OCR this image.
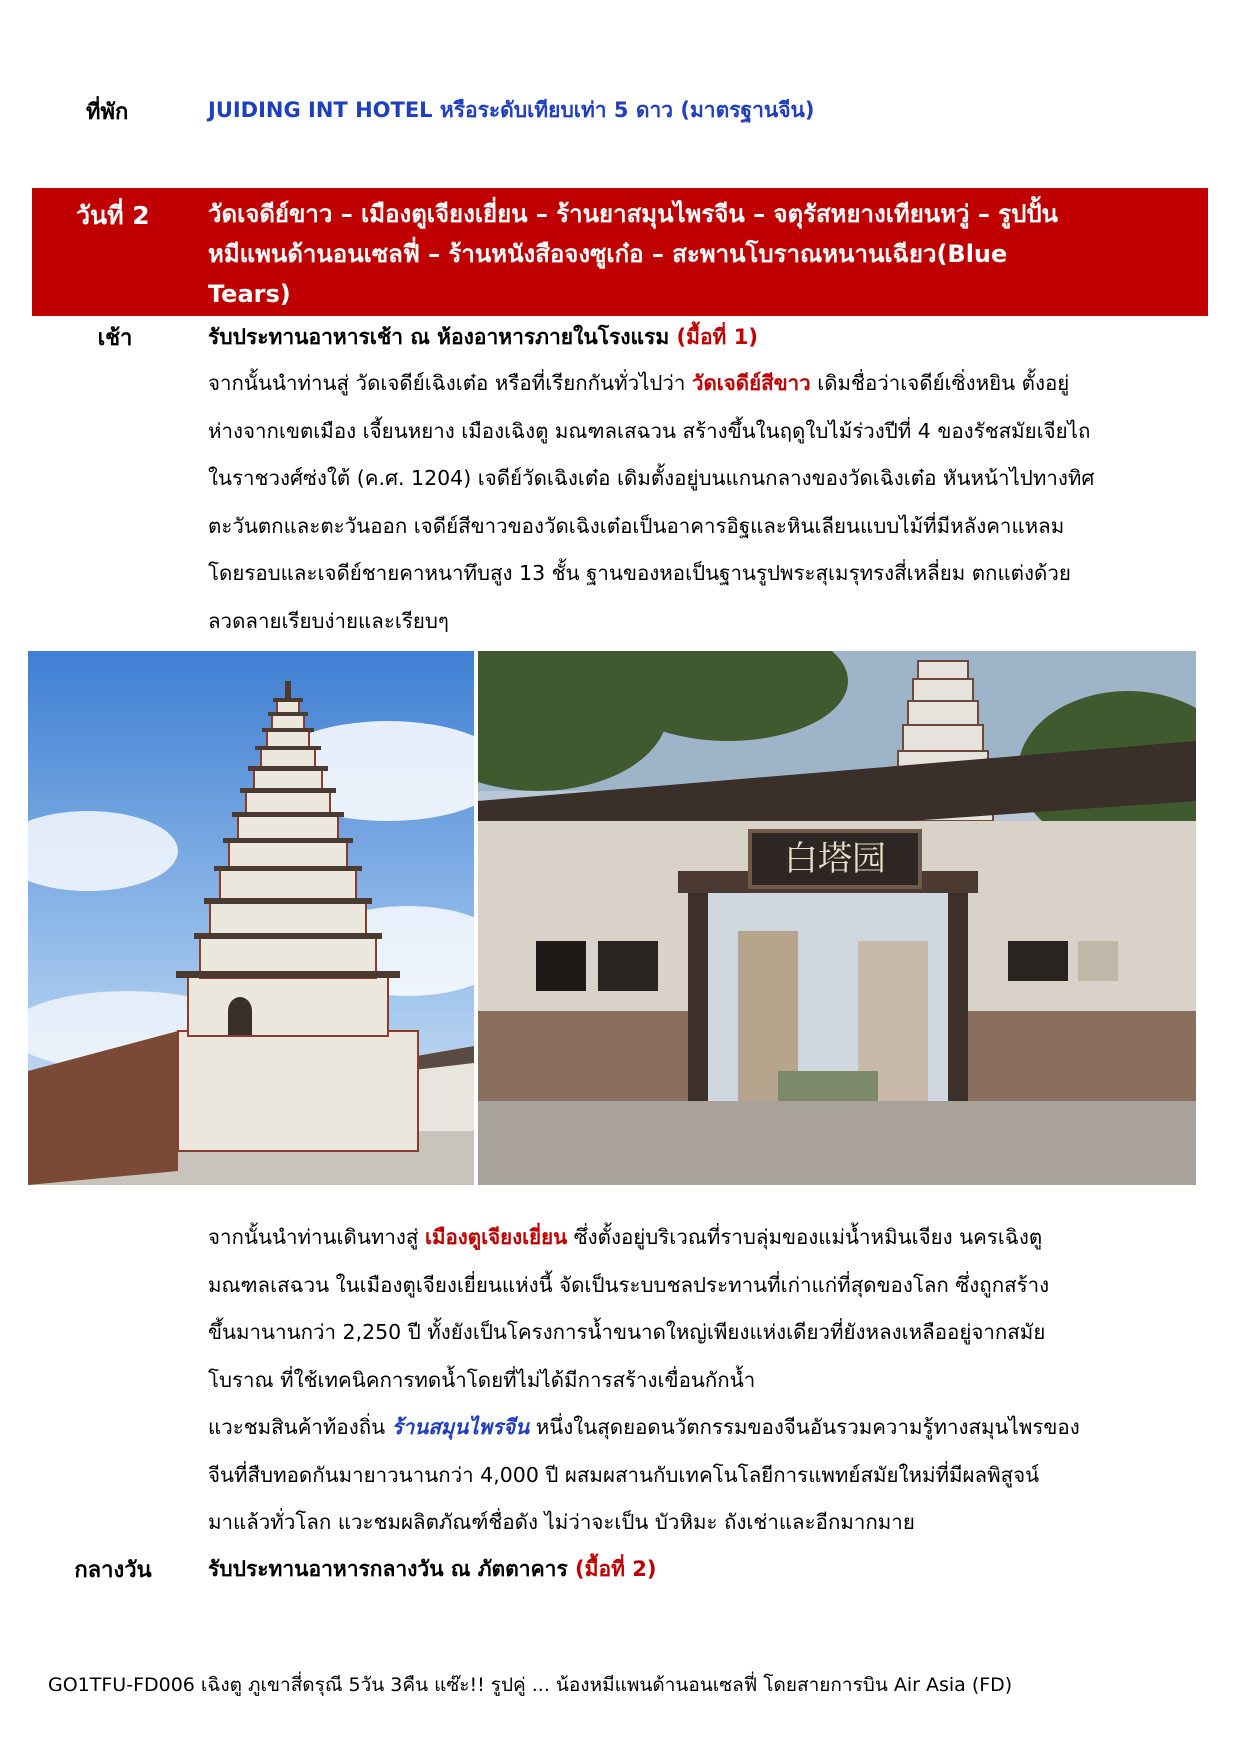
ที่พัก	JUIDING INT HOTEL หรือระดับเทียบเท่า 5 ดาว (มาตรฐานจีน)
วันที่ 2 วัดเจดีย์ขาว – เมืองตูเจียงเยี่ยน – ร้านยาสมุนไพรจีน – จตุรัสหยางเทียนหวู่ – รูปปั้น
หมีแพนด้านอนเซลฟี่ – ร้านหนังสือจงซูเก๋อ – สะพานโบราณหนานเฉียว(Blue
Tears)
เช้า	รับประทานอาหารเช้า ณ ห้องอาหารภายในโรงแรม (มื้อที่ 1)
จากนั้นนำท่านสู่ วัดเจดีย์เฉิงเต๋อ หรือที่เรียกกันทั่วไปว่า วัดเจดีย์สีขาว เดิมชื่อว่าเจดีย์เซิ่งหยิน ตั้งอยู่
ห่างจากเขตเมือง เจี้ยนหยาง เมืองเฉิงตู มณฑลเสฉวน สร้างขึ้นในฤดูใบไม้ร่วงปีที่ 4 ของรัชสมัยเจียไถ
ในราชวงศ์ซ่งใต้ (ค.ศ. 1204) เจดีย์วัดเฉิงเต๋อ เดิมตั้งอยู่บนแกนกลางของวัดเฉิงเต๋อ หันหน้าไปทางทิศ
ตะวันตกและตะวันออก เจดีย์สีขาวของวัดเฉิงเต๋อเป็นอาคารอิฐและหินเลียนแบบไม้ที่มีหลังคาแหลม
โดยรอบและเจดีย์ชายคาหนาทึบสูง 13 ชั้น ฐานของหอเป็นฐานรูปพระสุเมรุทรงสี่เหลี่ยม ตกแต่งด้วย
ลวดลายเรียบง่ายและเรียบๆ
白塔园
จากนั้นนำท่านเดินทางสู่ เมืองตูเจียงเยี่ยน ซึ่งตั้งอยู่บริเวณที่ราบลุ่มของแม่น้ำหมินเจียง นครเฉิงตู
มณฑลเสฉวน ในเมืองตูเจียงเยี่ยนแห่งนี้ จัดเป็นระบบชลประทานที่เก่าแก่ที่สุดของโลก ซึ่งถูกสร้าง
ขึ้นมานานกว่า 2,250 ปี ทั้งยังเป็นโครงการน้ำขนาดใหญ่เพียงแห่งเดียวที่ยังหลงเหลืออยู่จากสมัย
โบราณ ที่ใช้เทคนิคการทดน้ำโดยที่ไม่ได้มีการสร้างเขื่อนกักน้ำ
แวะชมสินค้าท้องถิ่น ร้านสมุนไพรจีน หนึ่งในสุดยอดนวัตกรรมของจีนอันรวมความรู้ทางสมุนไพรของ
จีนที่สืบทอดกันมายาวนานกว่า 4,000 ปี ผสมผสานกับเทคโนโลยีการแพทย์สมัยใหม่ที่มีผลพิสูจน์
มาแล้วทั่วโลก แวะชมผลิตภัณฑ์ชื่อดัง ไม่ว่าจะเป็น บัวหิมะ ถังเช่าและอีกมากมาย
กลางวัน	รับประทานอาหารกลางวัน ณ ภัตตาคาร (มื้อที่ 2)
GO1TFU-FD006 เฉิงตู ภูเขาสี่ดรุณี 5วัน 3คืน แซ๊ะ!! รูปคู่ ... น้องหมีแพนด้านอนเซลฟี่ โดยสายการบิน Air Asia (FD)
